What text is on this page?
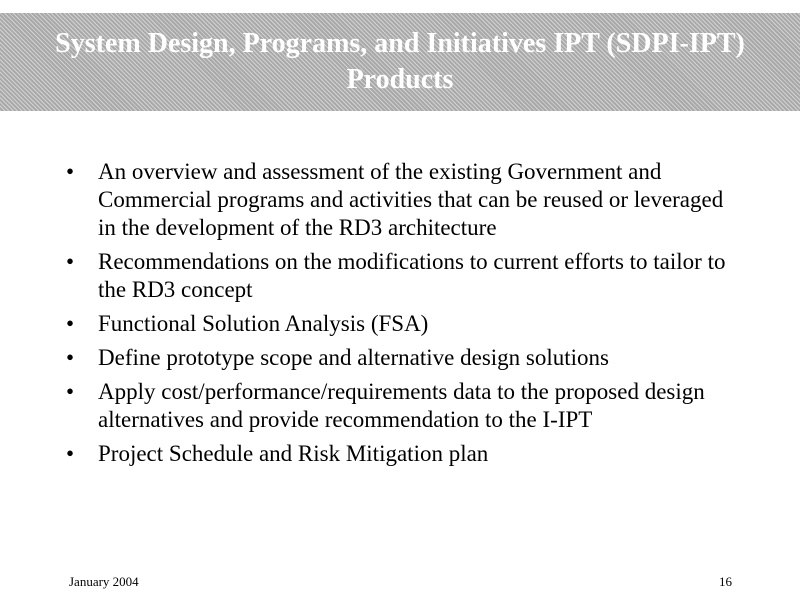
System Design, Programs, and Initiatives IPT (SDPI-IPT)
Products
•	An overview and assessment of the existing Government and Commercial programs and activities that can be reused or leveraged in the development of the RD3 architecture
•	Recommendations on the modifications to current efforts to tailor to the RD3 concept
•	Functional Solution Analysis (FSA)
•	Define prototype scope and alternative design solutions
•	Apply cost/performance/requirements data to the proposed design alternatives and provide recommendation to the I-IPT
•	Project Schedule and Risk Mitigation plan
January 2004	16
